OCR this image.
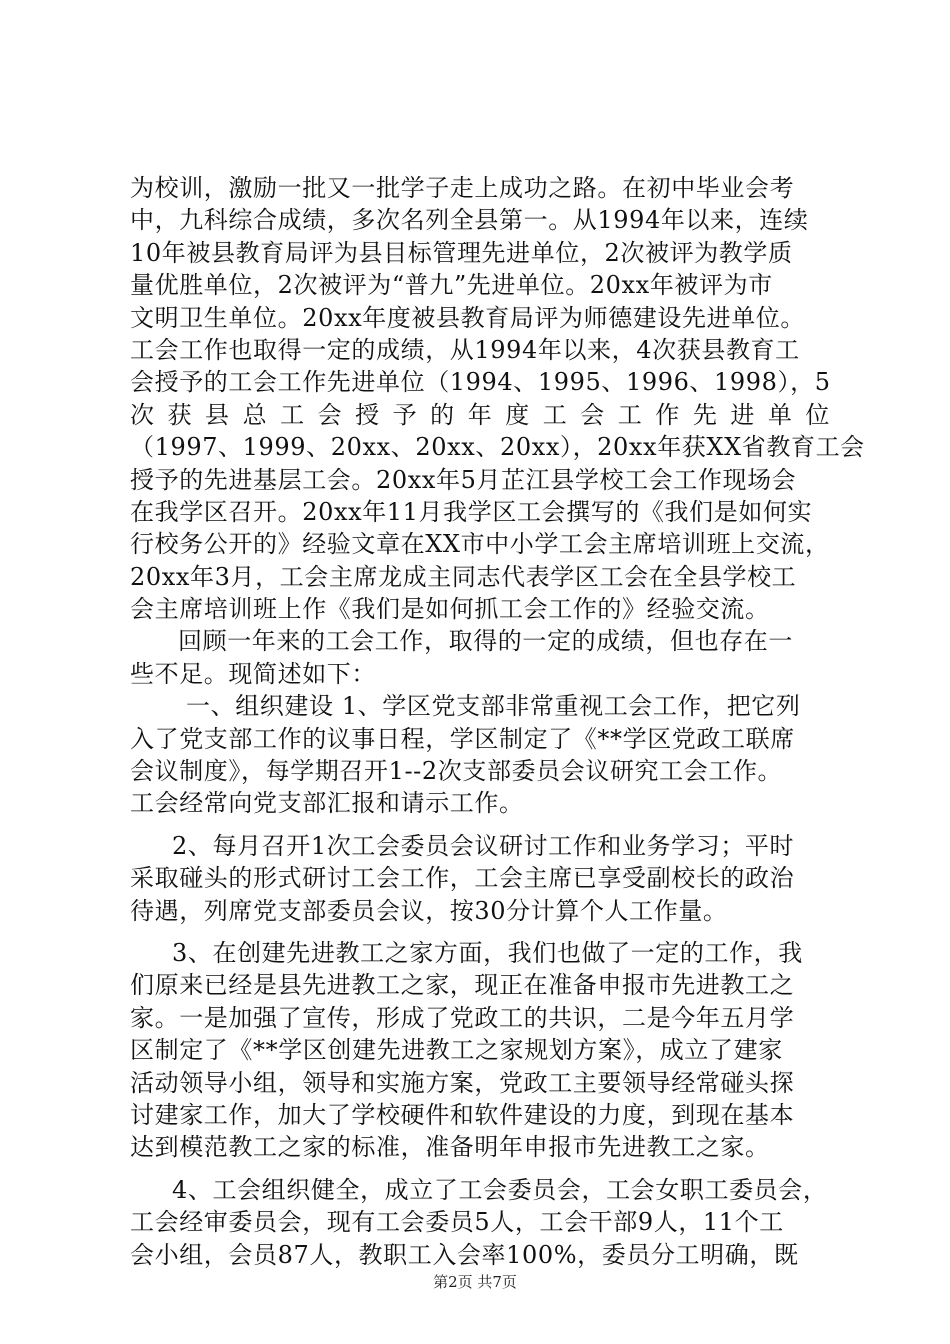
为校训，激励一批又一批学子走上成功之路。在初中毕业会考
中，九科综合成绩，多次名列全县第一。从1994年以来，连续
10年被县教育局评为县目标管理先进单位，2次被评为教学质
量优胜单位，2次被评为“普九”先进单位。20xx年被评为市
文明卫生单位。20xx年度被县教育局评为师德建设先进单位。
工会工作也取得一定的成绩，从1994年以来，4次获县教育工
会授予的工会工作先进单位（1994、1995、1996、1998），5
次获县总工会授予的年度工会工作先进单位
（1997、1999、20xx、20xx、20xx），20xx年获XX省教育工会
授予的先进基层工会。20xx年5月芷江县学校工会工作现场会
在我学区召开。20xx年11月我学区工会撰写的《我们是如何实
行校务公开的》经验文章在XX市中小学工会主席培训班上交流，
20xx年3月，工会主席龙成主同志代表学区工会在全县学校工
会主席培训班上作《我们是如何抓工会工作的》经验交流。
回顾一年来的工会工作，取得的一定的成绩，但也存在一
些不足。现简述如下：
一、组织建设 1、学区党支部非常重视工会工作，把它列
入了党支部工作的议事日程，学区制定了《**学区党政工联席
会议制度》，每学期召开1--2次支部委员会议研究工会工作。
工会经常向党支部汇报和请示工作。
2、每月召开1次工会委员会议研讨工作和业务学习；平时
采取碰头的形式研讨工会工作，工会主席已享受副校长的政治
待遇，列席党支部委员会议，按30分计算个人工作量。
3、在创建先进教工之家方面，我们也做了一定的工作，我
们原来已经是县先进教工之家，现正在准备申报市先进教工之
家。一是加强了宣传，形成了党政工的共识，二是今年五月学
区制定了《**学区创建先进教工之家规划方案》，成立了建家
活动领导小组，领导和实施方案，党政工主要领导经常碰头探
讨建家工作，加大了学校硬件和软件建设的力度，到现在基本
达到模范教工之家的标准，准备明年申报市先进教工之家。
4、工会组织健全，成立了工会委员会，工会女职工委员会，
工会经审委员会，现有工会委员5人，工会干部9人，11个工
会小组，会员87人，教职工入会率100%，委员分工明确，既
第2页 共7页
